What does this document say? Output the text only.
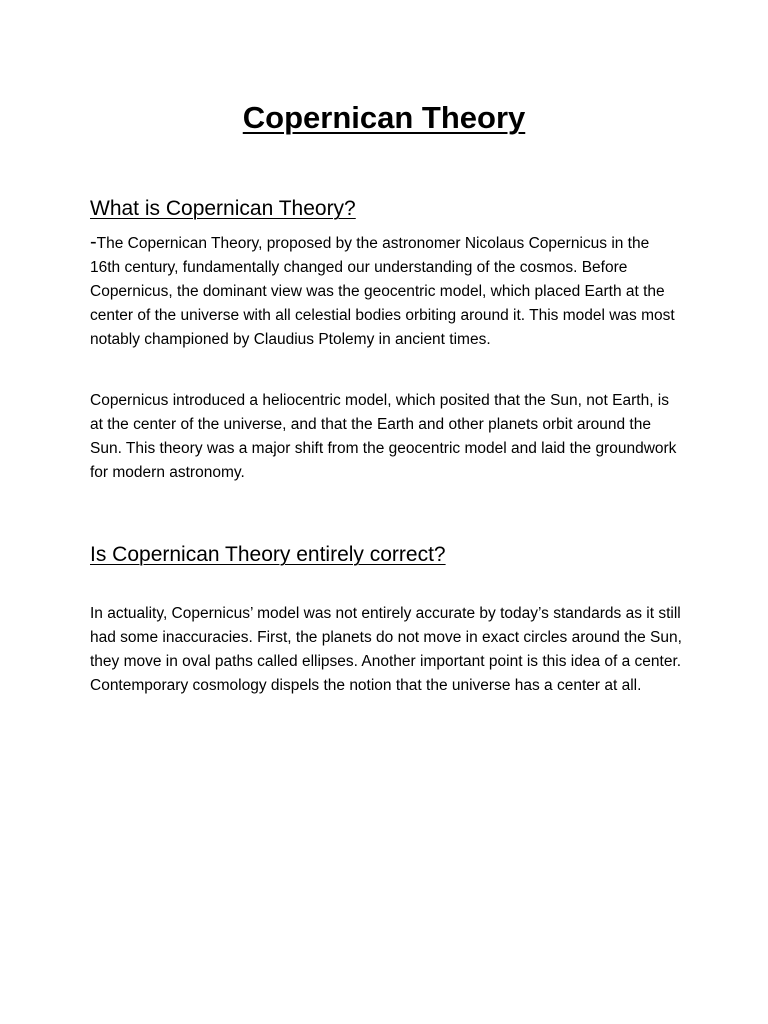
Copernican Theory
What is Copernican Theory?

-The Copernican Theory, proposed by the astronomer Nicolaus Copernicus in the 16th century, fundamentally changed our understanding of the cosmos. Before Copernicus, the dominant view was the geocentric model, which placed Earth at the center of the universe with all celestial bodies orbiting around it. This model was most notably championed by Claudius Ptolemy in ancient times.

Copernicus introduced a heliocentric model, which posited that the Sun, not Earth, is at the center of the universe, and that the Earth and other planets orbit around the Sun. This theory was a major shift from the geocentric model and laid the groundwork for modern astronomy.

Is Copernican Theory entirely correct?

In actuality, Copernicus’ model was not entirely accurate by today’s standards as it still had some inaccuracies. First, the planets do not move in exact circles around the Sun, they move in oval paths called ellipses. Another important point is this idea of a center. Contemporary cosmology dispels the notion that the universe has a center at all.
